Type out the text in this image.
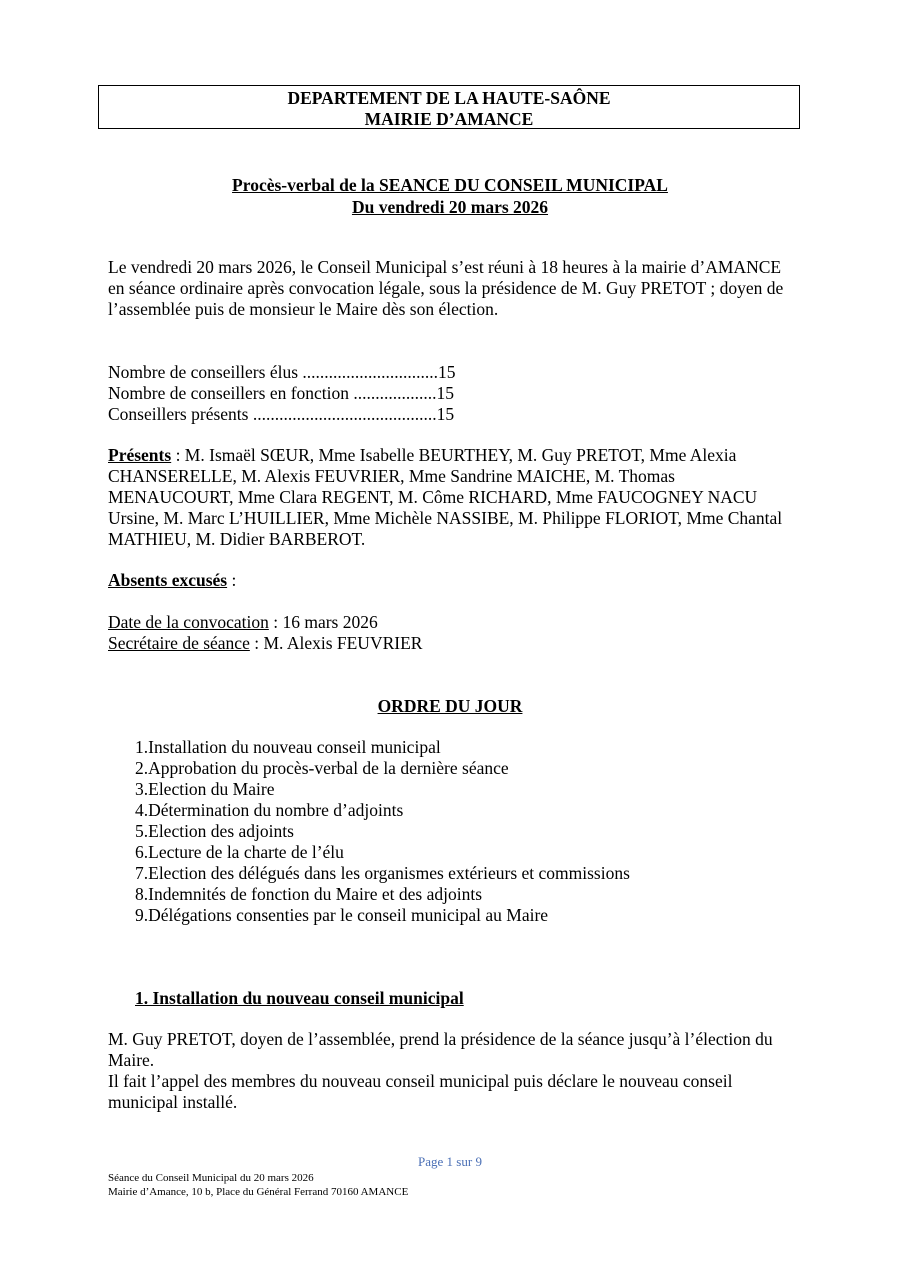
DEPARTEMENT DE LA HAUTE-SAÔNE
MAIRIE D’AMANCE
Procès-verbal de la SEANCE DU CONSEIL MUNICIPAL
Du vendredi 20 mars 2026
Le vendredi 20 mars 2026, le Conseil Municipal s’est réuni à 18 heures à la mairie d’AMANCE en séance ordinaire après convocation légale, sous la présidence de M. Guy PRETOT ; doyen de l’assemblée puis de monsieur le Maire dès son élection.
Nombre de conseillers élus ...............................15
Nombre de conseillers en fonction ...................15
Conseillers présents ..........................................15
Présents : M. Ismaël SŒUR, Mme Isabelle BEURTHEY, M. Guy PRETOT, Mme Alexia CHANSERELLE, M. Alexis FEUVRIER, Mme Sandrine MAICHE, M. Thomas MENAUCOURT, Mme Clara REGENT, M. Côme RICHARD, Mme FAUCOGNEY NACU Ursine, M. Marc L’HUILLIER, Mme Michèle NASSIBE, M. Philippe FLORIOT, Mme Chantal MATHIEU, M. Didier BARBEROT.
Absents excusés :
Date de la convocation : 16 mars 2026
Secrétaire de séance : M. Alexis FEUVRIER
ORDRE DU JOUR
1.Installation du nouveau conseil municipal
2.Approbation du procès-verbal de la dernière séance
3.Election du Maire
4.Détermination du nombre d’adjoints
5.Election des adjoints
6.Lecture de la charte de l’élu
7.Election des délégués dans les organismes extérieurs et commissions
8.Indemnités de fonction du Maire et des adjoints
9.Délégations consenties par le conseil municipal au Maire
1. Installation du nouveau conseil municipal

M. Guy PRETOT, doyen de l’assemblée, prend la présidence de la séance jusqu’à l’élection du Maire.

Il fait l’appel des membres du nouveau conseil municipal puis déclare le nouveau conseil municipal installé.

Page 1 sur 9
Séance du Conseil Municipal du 20 mars 2026
Mairie d’Amance, 10 b, Place du Général Ferrand 70160 AMANCE
